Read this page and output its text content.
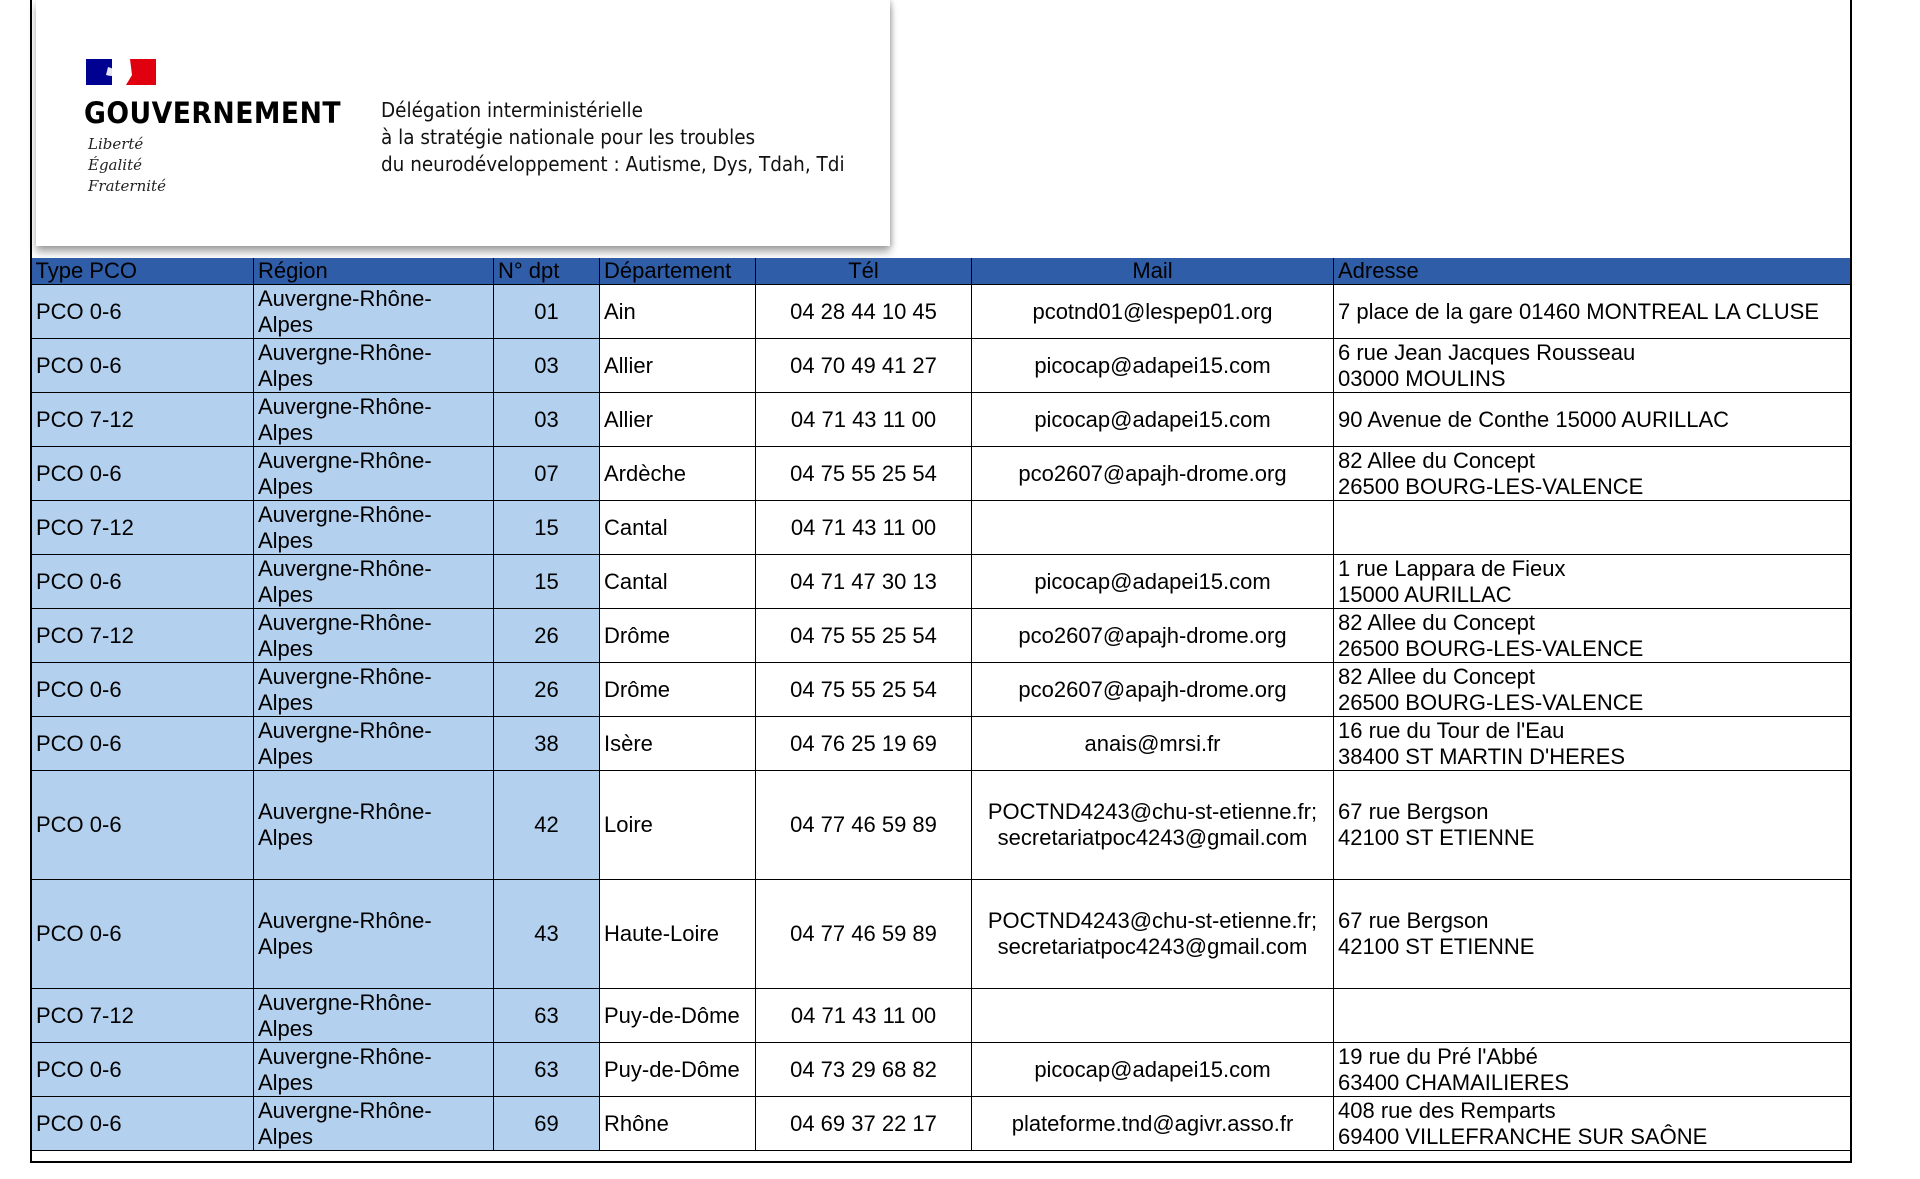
GOUVERNEMENT
Liberté
Égalité
Fraternité
Délégation interministérielle
à la stratégie nationale pour les troubles
du neurodéveloppement : Autisme, Dys, Tdah, Tdi
Type PCO	Région	N° dpt	Département	Tél	Mail	Adresse
PCO 0-6	Auvergne-Rhône-
Alpes	01	Ain	04 28 44 10 45	pcotnd01@lespep01.org	7 place de la gare 01460 MONTREAL LA CLUSE

PCO 0-6	Auvergne-Rhône-
Alpes	03	Allier	04 70 49 41 27	picocap@adapei15.com	6 rue Jean Jacques Rousseau
03000 MOULINS

PCO 7-12	Auvergne-Rhône-
Alpes	03	Allier	04 71 43 11 00	picocap@adapei15.com	90 Avenue de Conthe 15000 AURILLAC

PCO 0-6	Auvergne-Rhône-
Alpes	07	Ardèche	04 75 55 25 54	pco2607@apajh-drome.org	82 Allee du Concept
26500 BOURG-LES-VALENCE

PCO 7-12	Auvergne-Rhône-
Alpes	15	Cantal	04 71 43 11 00		
PCO 0-6	Auvergne-Rhône-
Alpes	15	Cantal	04 71 47 30 13	picocap@adapei15.com	1 rue Lappara de Fieux
15000 AURILLAC

PCO 7-12	Auvergne-Rhône-
Alpes	26	Drôme	04 75 55 25 54	pco2607@apajh-drome.org	82 Allee du Concept
26500 BOURG-LES-VALENCE

PCO 0-6	Auvergne-Rhône-
Alpes	26	Drôme	04 75 55 25 54	pco2607@apajh-drome.org	82 Allee du Concept
26500 BOURG-LES-VALENCE

PCO 0-6	Auvergne-Rhône-
Alpes	38	Isère	04 76 25 19 69	anais@mrsi.fr	16 rue du Tour de l'Eau
38400 ST MARTIN D'HERES

PCO 0-6	Auvergne-Rhône-
Alpes	42	Loire	04 77 46 59 89	POCTND4243@chu-st-etienne.fr;
secretariatpoc4243@gmail.com	67 rue Bergson
42100 ST ETIENNE

PCO 0-6	Auvergne-Rhône-
Alpes	43	Haute-Loire	04 77 46 59 89	POCTND4243@chu-st-etienne.fr;
secretariatpoc4243@gmail.com	67 rue Bergson
42100 ST ETIENNE

PCO 7-12	Auvergne-Rhône-
Alpes	63	Puy-de-Dôme	04 71 43 11 00		
PCO 0-6	Auvergne-Rhône-
Alpes	63	Puy-de-Dôme	04 73 29 68 82	picocap@adapei15.com	19 rue du Pré l'Abbé
63400 CHAMAILIERES

PCO 0-6	Auvergne-Rhône-
Alpes	69	Rhône	04 69 37 22 17	plateforme.tnd@agivr.asso.fr	408 rue des Remparts
69400 VILLEFRANCHE SUR SAÔNE
